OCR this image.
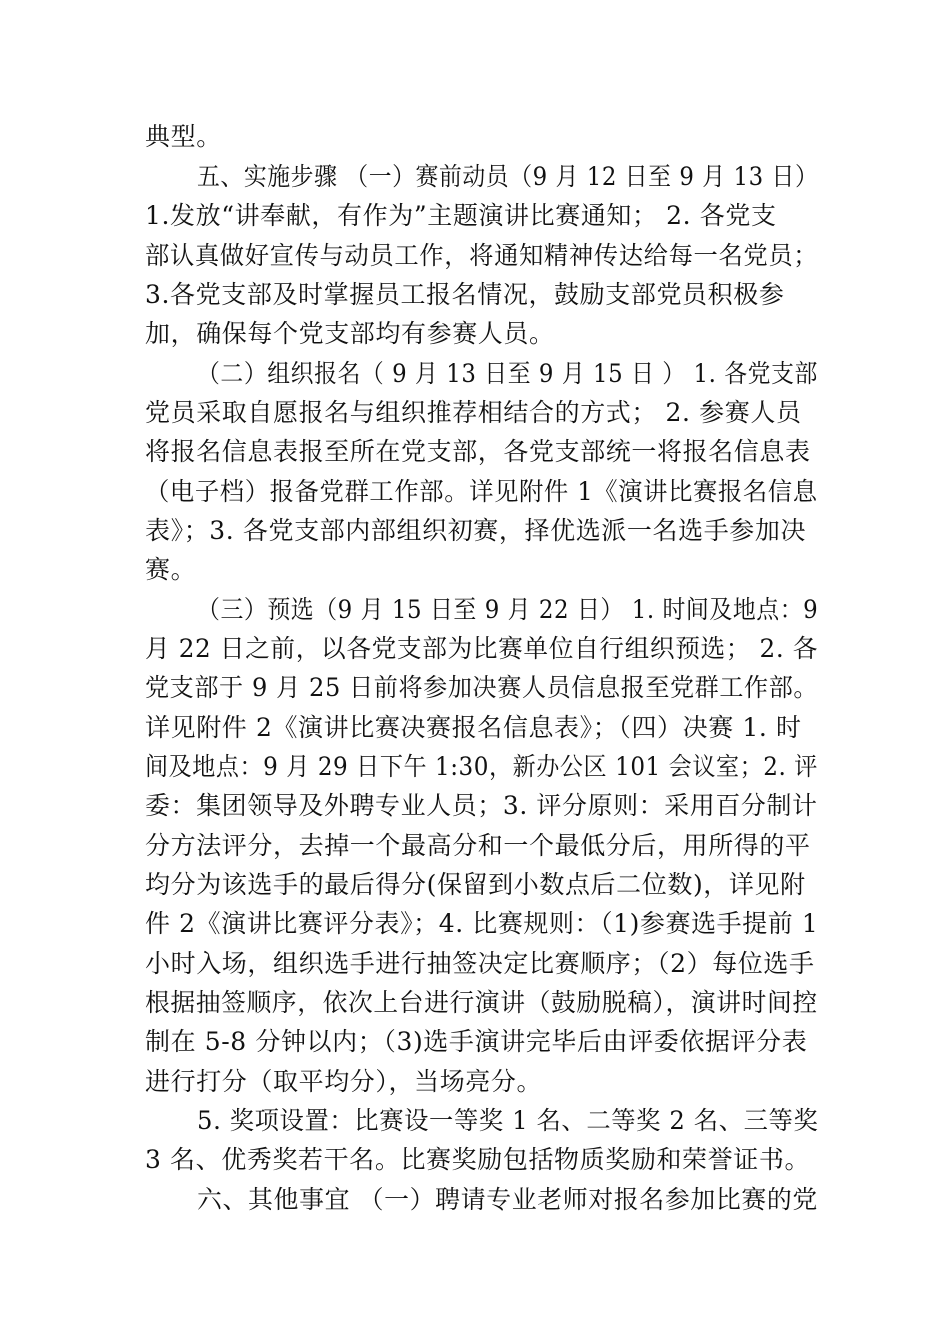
典型。
五、实施步骤 （一）赛前动员（9 月 12 日至 9 月 13 日）
1.发放“讲奉献，有作为”主题演讲比赛通知； 2. 各党支
部认真做好宣传与动员工作，将通知精神传达给每一名党员；
3.各党支部及时掌握员工报名情况，鼓励支部党员积极参
加，确保每个党支部均有参赛人员。
（二）组织报名（ 9 月 13 日至 9 月 15 日 ） 1. 各党支部
党员采取自愿报名与组织推荐相结合的方式； 2. 参赛人员
将报名信息表报至所在党支部，各党支部统一将报名信息表
（电子档）报备党群工作部。详见附件 1《演讲比赛报名信息
表》；3. 各党支部内部组织初赛，择优选派一名选手参加决
赛。
（三）预选（9 月 15 日至 9 月 22 日） 1. 时间及地点：9
月 22 日之前，以各党支部为比赛单位自行组织预选； 2. 各
党支部于 9 月 25 日前将参加决赛人员信息报至党群工作部。
详见附件 2《演讲比赛决赛报名信息表》；（四）决赛 1. 时
间及地点：9 月 29 日下午 1:30，新办公区 101 会议室；2. 评
委：集团领导及外聘专业人员；3. 评分原则：采用百分制计
分方法评分，去掉一个最高分和一个最低分后，用所得的平
均分为该选手的最后得分(保留到小数点后二位数)，详见附
件 2《演讲比赛评分表》；4. 比赛规则：（1)参赛选手提前 1
小时入场，组织选手进行抽签决定比赛顺序；（2）每位选手
根据抽签顺序，依次上台进行演讲（鼓励脱稿），演讲时间控
制在 5-8 分钟以内；（3)选手演讲完毕后由评委依据评分表
进行打分（取平均分），当场亮分。
5. 奖项设置：比赛设一等奖 1 名、二等奖 2 名、三等奖
3 名、优秀奖若干名。比赛奖励包括物质奖励和荣誉证书。
六、其他事宜 （一）聘请专业老师对报名参加比赛的党
